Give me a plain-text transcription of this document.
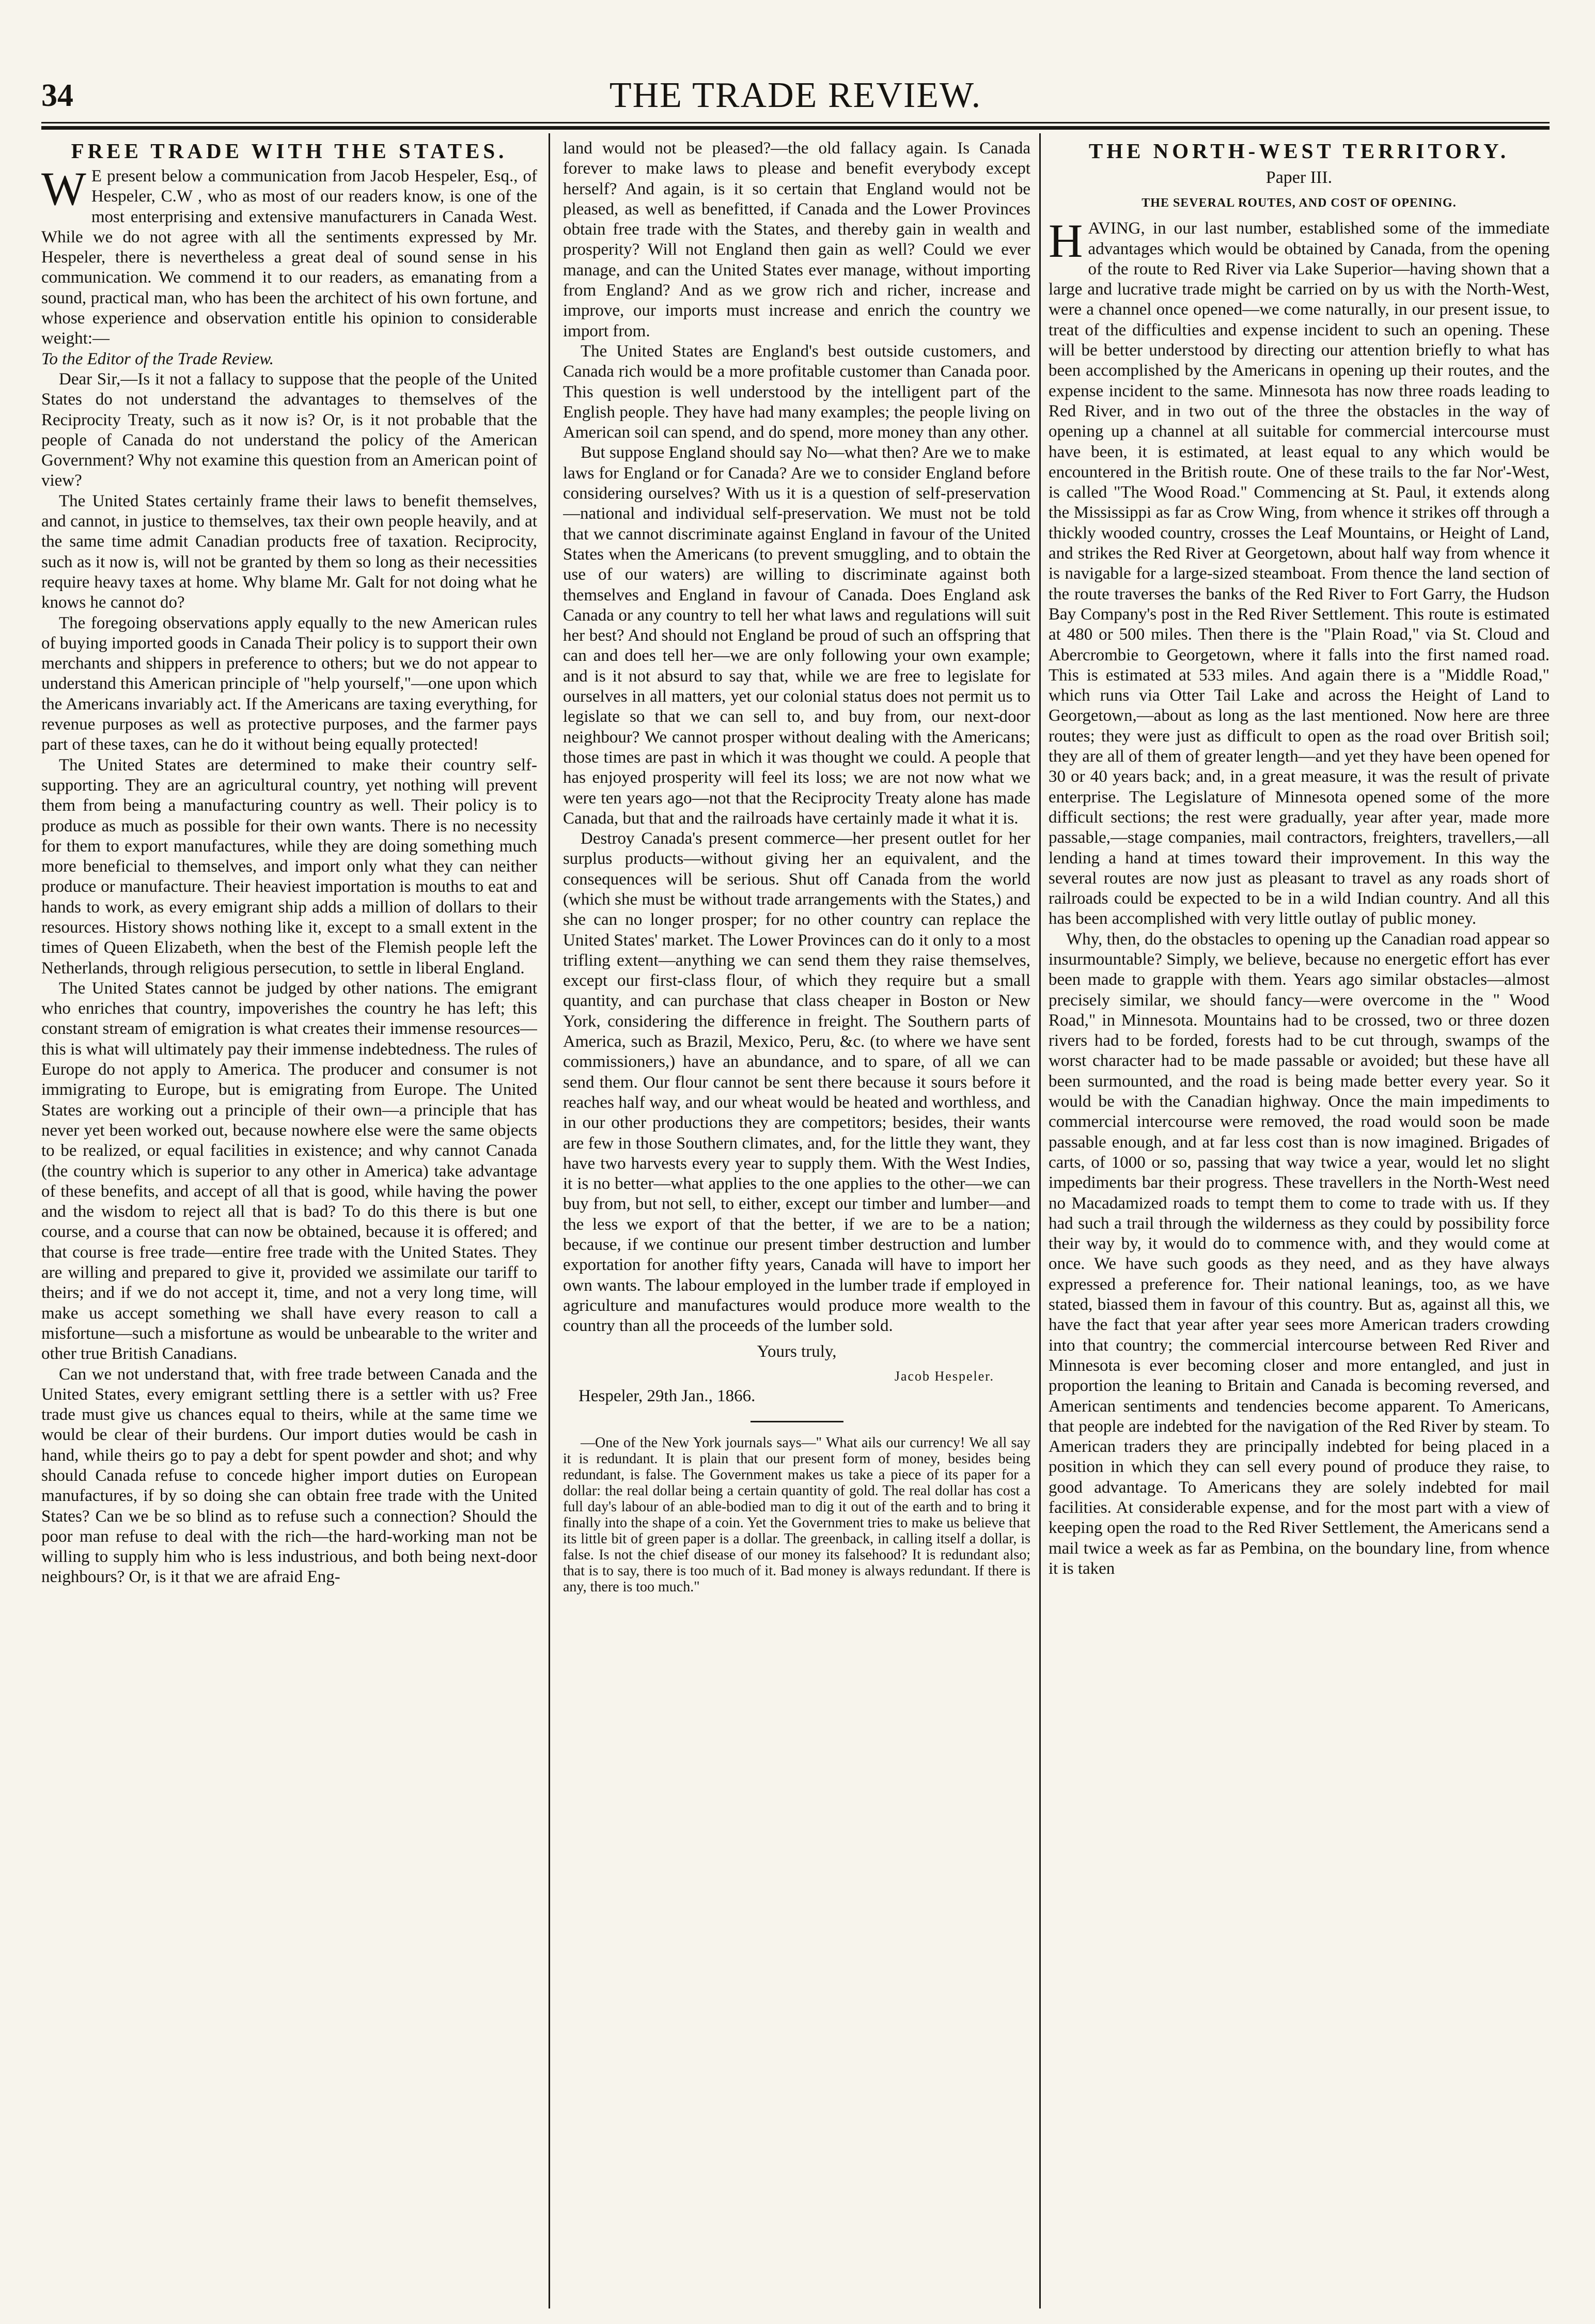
34	THE TRADE REVIEW.
FREE TRADE WITH THE STATES.

W E present below a communication from Jacob Hespeler, Esq., of Hespeler, C.W , who as most of our readers know, is one of the most enterprising and extensive manufacturers in Canada West. While we do not agree with all the sentiments expressed by Mr. Hespeler, there is nevertheless a great deal of sound sense in his communication. We commend it to our readers, as emanating from a sound, practical man, who has been the architect of his own fortune, and whose experience and observation entitle his opinion to considerable weight:—

To the Editor of the Trade Review.

Dear Sir,—Is it not a fallacy to suppose that the people of the United States do not understand the advantages to themselves of the Reciprocity Treaty, such as it now is? Or, is it not probable that the people of Canada do not understand the policy of the American Government? Why not examine this question from an American point of view?

The United States certainly frame their laws to benefit themselves, and cannot, in justice to themselves, tax their own people heavily, and at the same time admit Canadian products free of taxation. Reciprocity, such as it now is, will not be granted by them so long as their necessities require heavy taxes at home. Why blame Mr. Galt for not doing what he knows he cannot do?

The foregoing observations apply equally to the new American rules of buying imported goods in Canada Their policy is to support their own merchants and shippers in preference to others; but we do not appear to understand this American principle of "help yourself,"—one upon which the Americans invariably act. If the Americans are taxing everything, for revenue purposes as well as protective purposes, and the farmer pays part of these taxes, can he do it without being equally protected!

The United States are determined to make their country self-supporting. They are an agricultural country, yet nothing will prevent them from being a manufacturing country as well. Their policy is to produce as much as possible for their own wants. There is no necessity for them to export manufactures, while they are doing something much more beneficial to themselves, and import only what they can neither produce or manufacture. Their heaviest importation is mouths to eat and hands to work, as every emigrant ship adds a million of dollars to their resources. History shows nothing like it, except to a small extent in the times of Queen Elizabeth, when the best of the Flemish people left the Netherlands, through religious persecution, to settle in liberal England.

The United States cannot be judged by other nations. The emigrant who enriches that country, impoverishes the country he has left; this constant stream of emigration is what creates their immense resources—this is what will ultimately pay their immense indebtedness. The rules of Europe do not apply to America. The producer and consumer is not immigrating to Europe, but is emigrating from Europe. The United States are working out a principle of their own—a principle that has never yet been worked out, because nowhere else were the same objects to be realized, or equal facilities in existence; and why cannot Canada (the country which is superior to any other in America) take advantage of these benefits, and accept of all that is good, while having the power and the wisdom to reject all that is bad? To do this there is but one course, and a course that can now be obtained, because it is offered; and that course is free trade—entire free trade with the United States. They are willing and prepared to give it, provided we assimilate our tariff to theirs; and if we do not accept it, time, and not a very long time, will make us accept something we shall have every reason to call a misfortune—such a misfortune as would be unbearable to the writer and other true British Canadians.

Can we not understand that, with free trade between Canada and the United States, every emigrant settling there is a settler with us? Free trade must give us chances equal to theirs, while at the same time we would be clear of their burdens. Our import duties would be cash in hand, while theirs go to pay a debt for spent powder and shot; and why should Canada refuse to concede higher import duties on European manufactures, if by so doing she can obtain free trade with the United States? Can we be so blind as to refuse such a connection? Should the poor man refuse to deal with the rich—the hard-working man not be willing to supply him who is less industrious, and both being next-door neighbours? Or, is it that we are afraid Eng-

land would not be pleased?—the old fallacy again. Is Canada forever to make laws to please and benefit everybody except herself? And again, is it so certain that England would not be pleased, as well as benefitted, if Canada and the Lower Provinces obtain free trade with the States, and thereby gain in wealth and prosperity? Will not England then gain as well? Could we ever manage, and can the United States ever manage, without importing from England? And as we grow rich and richer, increase and improve, our imports must increase and enrich the country we import from.

The United States are England's best outside customers, and Canada rich would be a more profitable customer than Canada poor. This question is well understood by the intelligent part of the English people. They have had many examples; the people living on American soil can spend, and do spend, more money than any other.

But suppose England should say No—what then? Are we to make laws for England or for Canada? Are we to consider England before considering ourselves? With us it is a question of self-preservation—national and individual self-preservation. We must not be told that we cannot discriminate against England in favour of the United States when the Americans (to prevent smuggling, and to obtain the use of our waters) are willing to discriminate against both themselves and England in favour of Canada. Does England ask Canada or any country to tell her what laws and regulations will suit her best? And should not England be proud of such an offspring that can and does tell her—we are only following your own example; and is it not absurd to say that, while we are free to legislate for ourselves in all matters, yet our colonial status does not permit us to legislate so that we can sell to, and buy from, our next-door neighbour? We cannot prosper without dealing with the Americans; those times are past in which it was thought we could. A people that has enjoyed prosperity will feel its loss; we are not now what we were ten years ago—not that the Reciprocity Treaty alone has made Canada, but that and the railroads have certainly made it what it is.

Destroy Canada's present commerce—her present outlet for her surplus products—without giving her an equivalent, and the consequences will be serious. Shut off Canada from the world (which she must be without trade arrangements with the States,) and she can no longer prosper; for no other country can replace the United States' market. The Lower Provinces can do it only to a most trifling extent—anything we can send them they raise themselves, except our first-class flour, of which they require but a small quantity, and can purchase that class cheaper in Boston or New York, considering the difference in freight. The Southern parts of America, such as Brazil, Mexico, Peru, &c. (to where we have sent commissioners,) have an abundance, and to spare, of all we can send them. Our flour cannot be sent there because it sours before it reaches half way, and our wheat would be heated and worthless, and in our other productions they are competitors; besides, their wants are few in those Southern climates, and, for the little they want, they have two harvests every year to supply them. With the West Indies, it is no better—what applies to the one applies to the other—we can buy from, but not sell, to either, except our timber and lumber—and the less we export of that the better, if we are to be a nation; because, if we continue our present timber destruction and lumber exportation for another fifty years, Canada will have to import her own wants. The labour employed in the lumber trade if employed in agriculture and manufactures would produce more wealth to the country than all the proceeds of the lumber sold.

Yours truly,

Jacob Hespeler.

Hespeler, 29th Jan., 1866.

—One of the New York journals says—" What ails our currency! We all say it is redundant. It is plain that our present form of money, besides being redundant, is false. The Government makes us take a piece of its paper for a dollar: the real dollar being a certain quantity of gold. The real dollar has cost a full day's labour of an able-bodied man to dig it out of the earth and to bring it finally into the shape of a coin. Yet the Government tries to make us believe that its little bit of green paper is a dollar. The greenback, in calling itself a dollar, is false. Is not the chief disease of our money its falsehood? It is redundant also; that is to say, there is too much of it. Bad money is always redundant. If there is any, there is too much."

THE NORTH-WEST TERRITORY.
Paper III.
THE SEVERAL ROUTES, AND COST OF OPENING.

HAVING, in our last number, established some of the immediate advantages which would be obtained by Canada, from the opening of the route to Red River via Lake Superior—having shown that a large and lucrative trade might be carried on by us with the North-West, were a channel once opened—we come naturally, in our present issue, to treat of the difficulties and expense incident to such an opening. These will be better understood by directing our attention briefly to what has been accomplished by the Americans in opening up their routes, and the expense incident to the same. Minnesota has now three roads leading to Red River, and in two out of the three the obstacles in the way of opening up a channel at all suitable for commercial intercourse must have been, it is estimated, at least equal to any which would be encountered in the British route. One of these trails to the far Nor'-West, is called "The Wood Road." Commencing at St. Paul, it extends along the Mississippi as far as Crow Wing, from whence it strikes off through a thickly wooded country, crosses the Leaf Mountains, or Height of Land, and strikes the Red River at Georgetown, about half way from whence it is navigable for a large-sized steamboat. From thence the land section of the route traverses the banks of the Red River to Fort Garry, the Hudson Bay Company's post in the Red River Settlement. This route is estimated at 480 or 500 miles. Then there is the "Plain Road," via St. Cloud and Abercrombie to Georgetown, where it falls into the first named road. This is estimated at 533 miles. And again there is a "Middle Road," which runs via Otter Tail Lake and across the Height of Land to Georgetown,—about as long as the last mentioned. Now here are three routes; they were just as difficult to open as the road over British soil; they are all of them of greater length—and yet they have been opened for 30 or 40 years back; and, in a great measure, it was the result of private enterprise. The Legislature of Minnesota opened some of the more difficult sections; the rest were gradually, year after year, made more passable,—stage companies, mail contractors, freighters, travellers,—all lending a hand at times toward their improvement. In this way the several routes are now just as pleasant to travel as any roads short of railroads could be expected to be in a wild Indian country. And all this has been accomplished with very little outlay of public money.

Why, then, do the obstacles to opening up the Canadian road appear so insurmountable? Simply, we believe, because no energetic effort has ever been made to grapple with them. Years ago similar obstacles—almost precisely similar, we should fancy—were overcome in the " Wood Road," in Minnesota. Mountains had to be crossed, two or three dozen rivers had to be forded, forests had to be cut through, swamps of the worst character had to be made passable or avoided; but these have all been surmounted, and the road is being made better every year. So it would be with the Canadian highway. Once the main impediments to commercial intercourse were removed, the road would soon be made passable enough, and at far less cost than is now imagined. Brigades of carts, of 1000 or so, passing that way twice a year, would let no slight impediments bar their progress. These travellers in the North-West need no Macadamized roads to tempt them to come to trade with us. If they had such a trail through the wilderness as they could by possibility force their way by, it would do to commence with, and they would come at once. We have such goods as they need, and as they have always expressed a preference for. Their national leanings, too, as we have stated, biassed them in favour of this country. But as, against all this, we have the fact that year after year sees more American traders crowding into that country; the commercial intercourse between Red River and Minnesota is ever becoming closer and more entangled, and just in proportion the leaning to Britain and Canada is becoming reversed, and American sentiments and tendencies become apparent. To Americans, that people are indebted for the navigation of the Red River by steam. To American traders they are principally indebted for being placed in a position in which they can sell every pound of produce they raise, to good advantage. To Americans they are solely indebted for mail facilities. At considerable expense, and for the most part with a view of keeping open the road to the Red River Settlement, the Americans send a mail twice a week as far as Pembina, on the boundary line, from whence it is taken
